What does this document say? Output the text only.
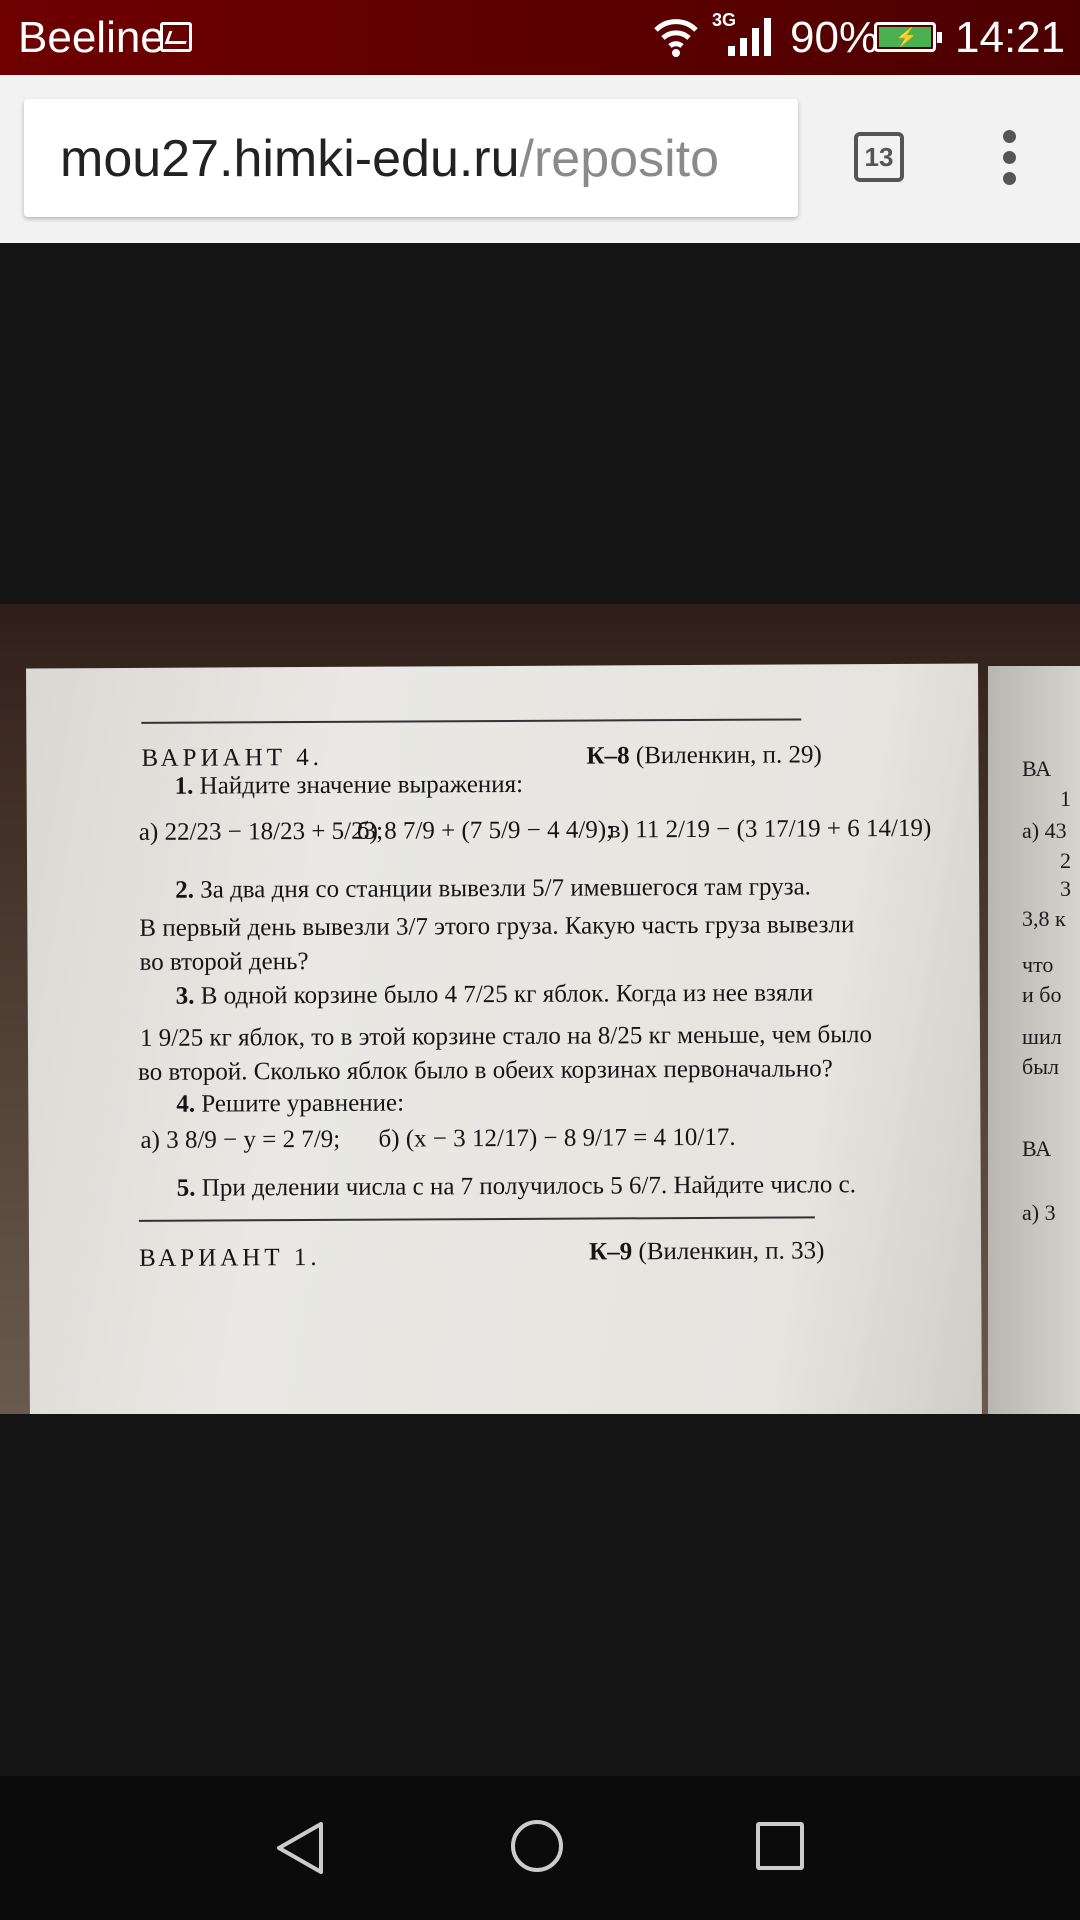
Beeline	3G 90% ⚡ 14:21
mou27.himki-edu.ru/reposito	13
ВАРИАНТ 4.	К–8 (Виленкин, п. 29)
1. Найдите значение выражения:
а) 22/23 − 18/23 + 5/23;
б) 8 7/9 + (7 5/9 − 4 4/9);
в) 11 2/19 − (3 17/19 + 6 14/19)
2. За два дня со станции вывезли 5/7 имевшегося там груза.
В первый день вывезли 3/7 этого груза. Какую часть груза вывезли
во второй день?
3. В одной корзине было 4 7/25 кг яблок. Когда из нее взяли
1 9/25 кг яблок, то в этой корзине стало на 8/25 кг меньше, чем было
во второй. Сколько яблок было в обеих корзинах первоначально?
4. Решите уравнение:
а) 3 8/9 − y = 2 7/9; б) (x − 3 12/17) − 8 9/17 = 4 10/17.
5. При делении числа c на 7 получилось 5 6/7. Найдите число c.
ВАРИАНТ 1.	К–9 (Виленкин, п. 33)
ВА
1
а) 43
2
3
3,8 к
что
и бо
шил
был
ВА
а) 3
